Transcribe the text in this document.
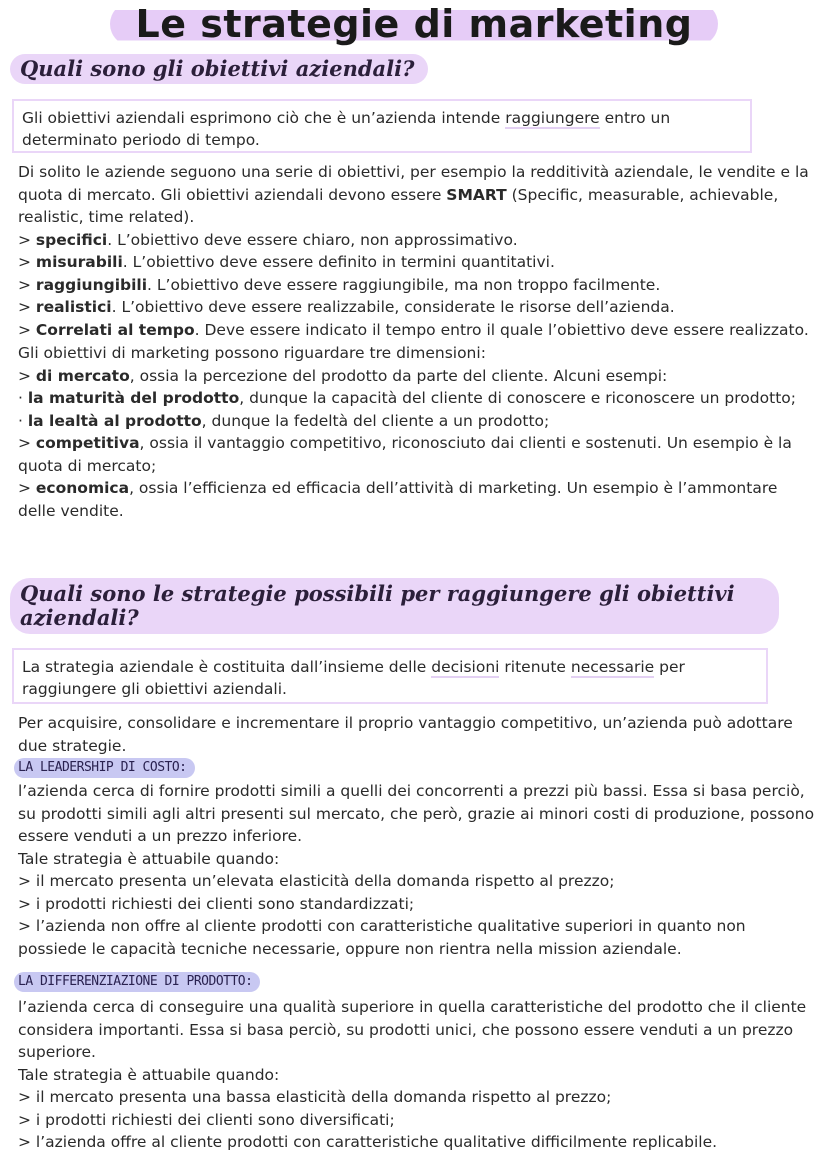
Le strategie di marketing
Quali sono gli obiettivi aziendali?
Gli obiettivi aziendali esprimono ciò che è un’azienda intende raggiungere entro un determinato periodo di tempo.

Di solito le aziende seguono una serie di obiettivi, per esempio la redditività aziendale, le vendite e la quota di mercato. Gli obiettivi aziendali devono essere SMART (Specific, measurable, achievable, realistic, time related).

> specifici. L’obiettivo deve essere chiaro, non approssimativo.

> misurabili. L’obiettivo deve essere definito in termini quantitativi.

> raggiungibili. L’obiettivo deve essere raggiungibile, ma non troppo facilmente.

> realistici. L’obiettivo deve essere realizzabile, considerate le risorse dell’azienda.

> Correlati al tempo. Deve essere indicato il tempo entro il quale l’obiettivo deve essere realizzato.

Gli obiettivi di marketing possono riguardare tre dimensioni:

> di mercato, ossia la percezione del prodotto da parte del cliente. Alcuni esempi:

· la maturità del prodotto, dunque la capacità del cliente di conoscere e riconoscere un prodotto;

· la lealtà al prodotto, dunque la fedeltà del cliente a un prodotto;

> competitiva, ossia il vantaggio competitivo, riconosciuto dai clienti e sostenuti. Un esempio è la quota di mercato;

> economica, ossia l’efficienza ed efficacia dell’attività di marketing. Un esempio è l’ammontare delle vendite.

Quali sono le strategie possibili per raggiungere gli obiettivi aziendali?
La strategia aziendale è costituita dall’insieme delle decisioni ritenute necessarie per raggiungere gli obiettivi aziendali.
Per acquisire, consolidare e incrementare il proprio vantaggio competitivo, un’azienda può adottare due strategie.
LA LEADERSHIP DI COSTO:

l’azienda cerca di fornire prodotti simili a quelli dei concorrenti a prezzi più bassi. Essa si basa perciò, su prodotti simili agli altri presenti sul mercato, che però, grazie ai minori costi di produzione, possono essere venduti a un prezzo inferiore.

Tale strategia è attuabile quando:

> il mercato presenta un’elevata elasticità della domanda rispetto al prezzo;

> i prodotti richiesti dei clienti sono standardizzati;

> l’azienda non offre al cliente prodotti con caratteristiche qualitative superiori in quanto non possiede le capacità tecniche necessarie, oppure non rientra nella mission aziendale.

LA DIFFERENZIAZIONE DI PRODOTTO:

l’azienda cerca di conseguire una qualità superiore in quella caratteristiche del prodotto che il cliente considera importanti. Essa si basa perciò, su prodotti unici, che possono essere venduti a un prezzo superiore.

Tale strategia è attuabile quando:

> il mercato presenta una bassa elasticità della domanda rispetto al prezzo;

> i prodotti richiesti dei clienti sono diversificati;

> l’azienda offre al cliente prodotti con caratteristiche qualitative difficilmente replicabile.
